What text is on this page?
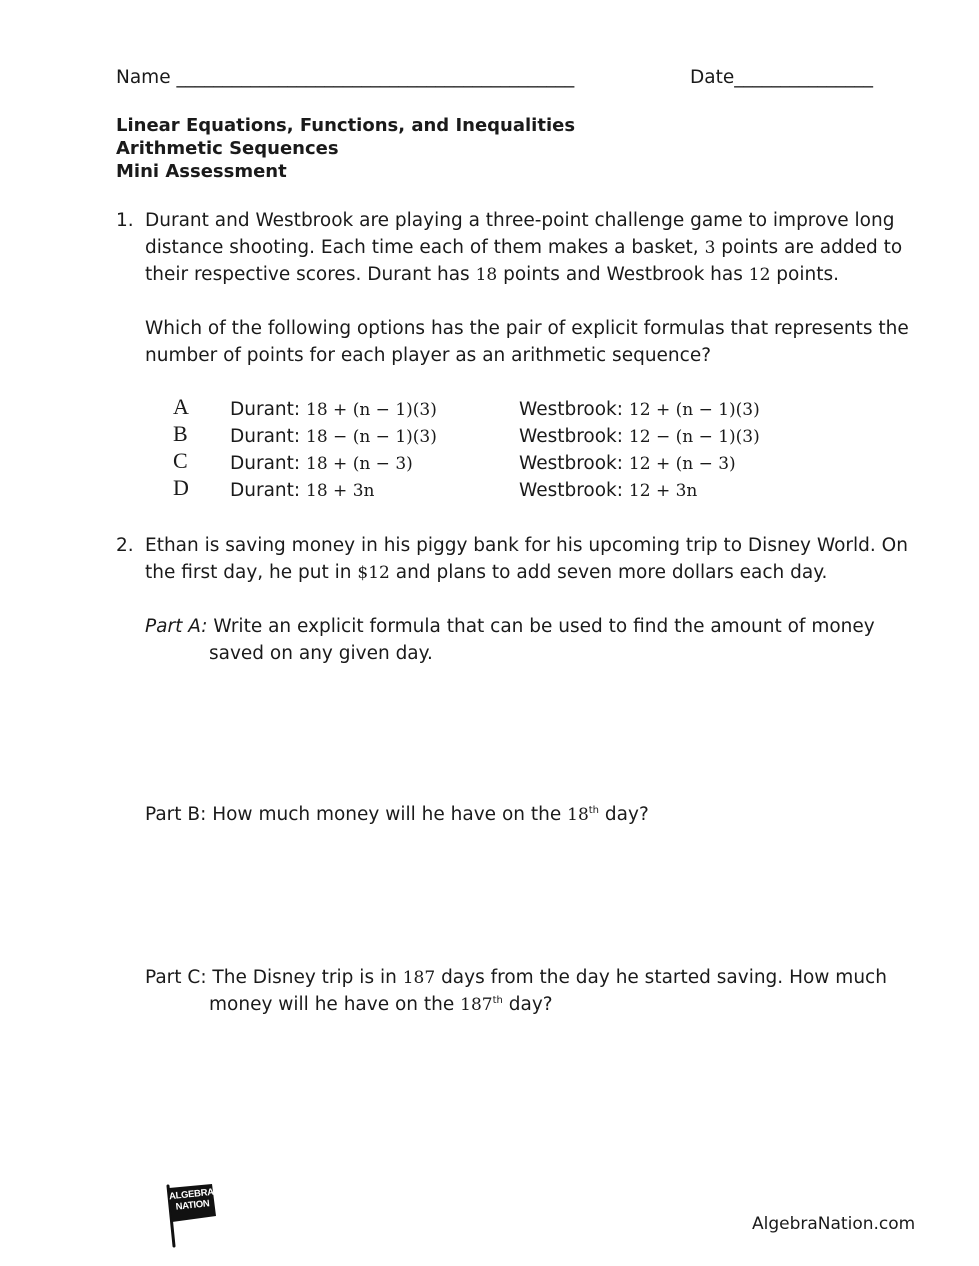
Name ___________________________________________	Date_______________
Linear Equations, Functions, and Inequalities
Arithmetic Sequences
Mini Assessment
1. Durant and Westbrook are playing a three-point challenge game to improve long
distance shooting. Each time each of them makes a basket, 3 points are added to
their respective scores. Durant has 18 points and Westbrook has 12 points.
Which of the following options has the pair of explicit formulas that represents the
number of points for each player as an arithmetic sequence?
A Durant: 18 + (n − 1)(3)	Westbrook: 12 + (n − 1)(3)
B Durant: 18 − (n − 1)(3)	Westbrook: 12 − (n − 1)(3)
C Durant: 18 + (n − 3)	Westbrook: 12 + (n − 3)
D Durant: 18 + 3n	Westbrook: 12 + 3n
2. Ethan is saving money in his piggy bank for his upcoming trip to Disney World. On
the first day, he put in $12 and plans to add seven more dollars each day.
Part A: Write an explicit formula that can be used to find the amount of money
saved on any given day.
Part B: How much money will he have on the 18th day?
Part C: The Disney trip is in 187 days from the day he started saving. How much
money will he have on the 187th day?
ALGEBRA
NATION
AlgebraNation.com
